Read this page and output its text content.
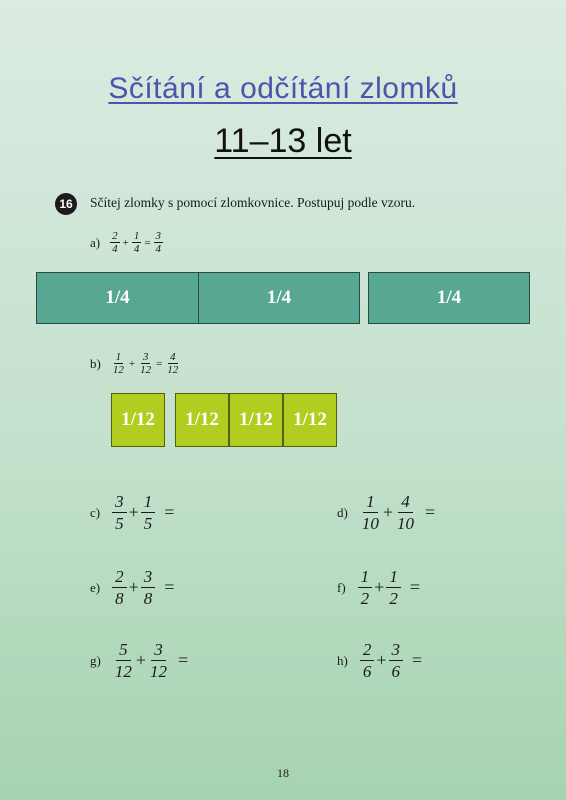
Sčítání a odčítání zlomků
11–13 let
16	Sčítej zlomky s pomocí zlomkovnice. Postupuj podle vzoru.
$a) \frac{2}{4} + \frac{1}{4} = \frac{3}{4}$
1/4	1/4	1/4
$b) \frac{1}{12} + \frac{3}{12} = \frac{4}{12}$
1/12	1/12	1/12	1/12
$c) \frac{3}{5} + \frac{1}{5}$ =	$d) \frac{1}{10} + \frac{4}{10}$ =
$e) \frac{2}{8} + \frac{3}{8}$ =	$f) \frac{1}{2} + \frac{1}{2}$ =
$g) \frac{5}{12} + \frac{3}{12}$ =	$h) \frac{2}{6} + \frac{3}{6}$ =
18
